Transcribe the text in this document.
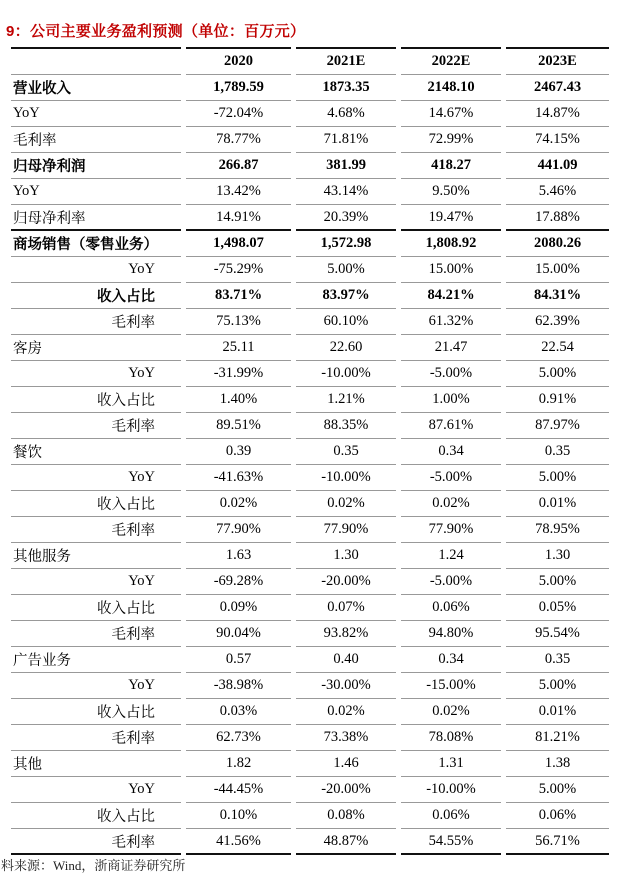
9：公司主要业务盈利预测（单位：百万元）
	2020	2021E	2022E	2023E
营业收入	1,789.59	1873.35	2148.10	2467.43
YoY	-72.04%	4.68%	14.67%	14.87%
毛利率	78.77%	71.81%	72.99%	74.15%
归母净利润	266.87	381.99	418.27	441.09
YoY	13.42%	43.14%	9.50%	5.46%
归母净利率	14.91%	20.39%	19.47%	17.88%
商场销售（零售业务）	1,498.07	1,572.98	1,808.92	2080.26
YoY	-75.29%	5.00%	15.00%	15.00%
收入占比	83.71%	83.97%	84.21%	84.31%
毛利率	75.13%	60.10%	61.32%	62.39%
客房	25.11	22.60	21.47	22.54
YoY	-31.99%	-10.00%	-5.00%	5.00%
收入占比	1.40%	1.21%	1.00%	0.91%
毛利率	89.51%	88.35%	87.61%	87.97%
餐饮	0.39	0.35	0.34	0.35
YoY	-41.63%	-10.00%	-5.00%	5.00%
收入占比	0.02%	0.02%	0.02%	0.01%
毛利率	77.90%	77.90%	77.90%	78.95%
其他服务	1.63	1.30	1.24	1.30
YoY	-69.28%	-20.00%	-5.00%	5.00%
收入占比	0.09%	0.07%	0.06%	0.05%
毛利率	90.04%	93.82%	94.80%	95.54%
广告业务	0.57	0.40	0.34	0.35
YoY	-38.98%	-30.00%	-15.00%	5.00%
收入占比	0.03%	0.02%	0.02%	0.01%
毛利率	62.73%	73.38%	78.08%	81.21%
其他	1.82	1.46	1.31	1.38
YoY	-44.45%	-20.00%	-10.00%	5.00%
收入占比	0.10%	0.08%	0.06%	0.06%
毛利率	41.56%	48.87%	54.55%	56.71%
料来源：Wind，浙商证券研究所
